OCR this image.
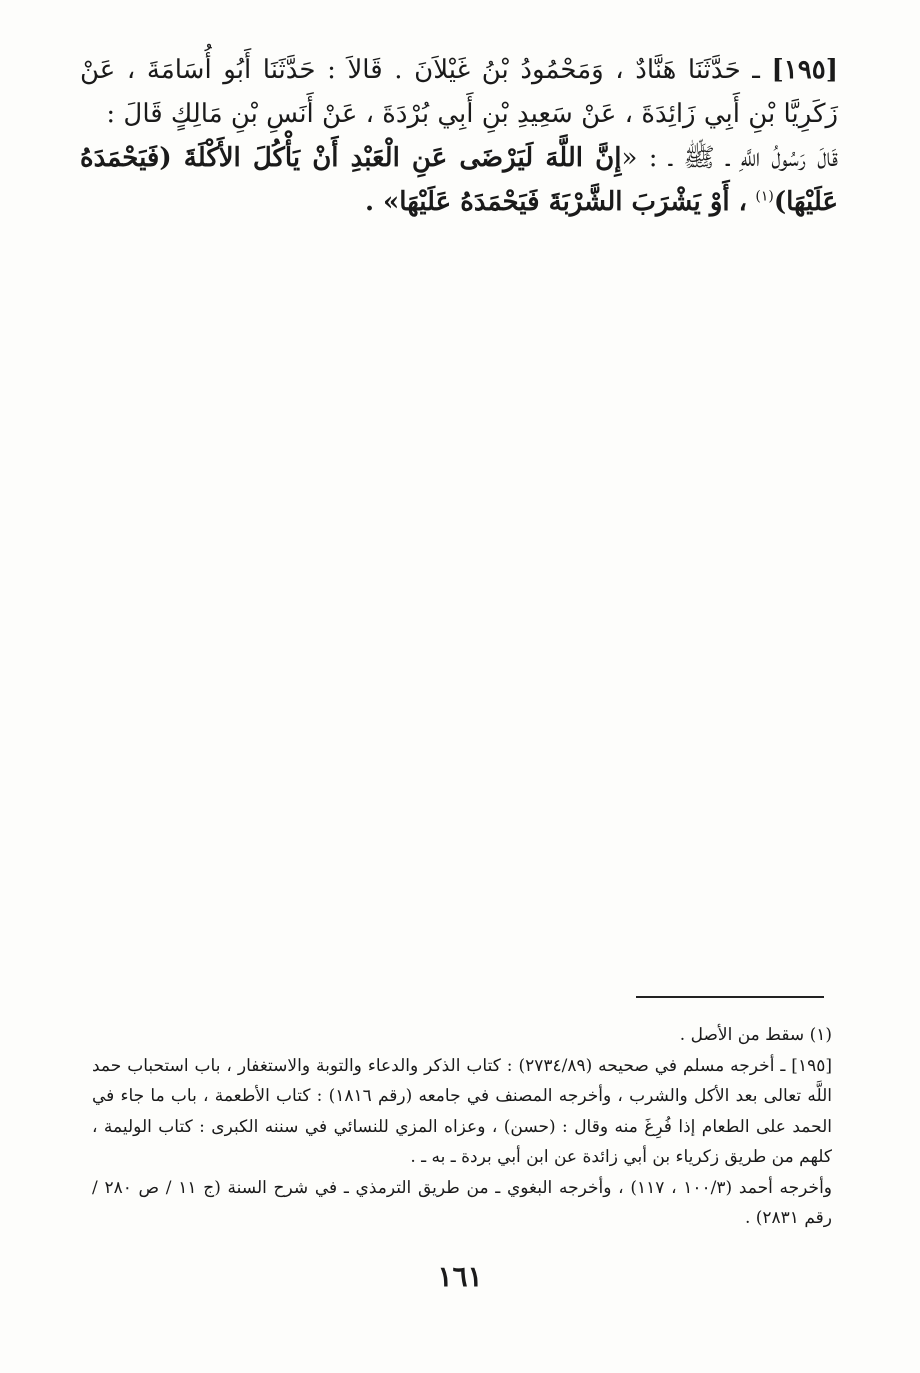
[١٩٥] ـ حَدَّثَنَا هَنَّادٌ ، وَمَحْمُودُ بْنُ غَيْلاَنَ . قَالاَ : حَدَّثَنَا أَبُو أُسَامَةَ ، عَنْ زَكَرِيَّا بْنِ أَبِي زَائِدَةَ ، عَنْ سَعِيدِ بْنِ أَبِي بُرْدَةَ ، عَنْ أَنَسِ بْنِ مَالِكٍ قَالَ :

قَالَ رَسُولُ اللَّهِ ـ ﷺ ـ : «إِنَّ اللَّهَ لَيَرْضَى عَنِ الْعَبْدِ أَنْ يَأْكُلَ الأَكْلَةَ (فَيَحْمَدَهُ عَلَيْهَا)$^{(١)}$ ، أَوْ يَشْرَبَ الشَّرْبَةَ فَيَحْمَدَهُ عَلَيْهَا» .

(١) سقط من الأصل .

[١٩٥] ـ أخرجه مسلم في صحيحه (٢٧٣٤/٨٩) : كتاب الذكر والدعاء والتوبة والاستغفار ، باب استحباب حمد اللَّه تعالى بعد الأكل والشرب ، وأخرجه المصنف في جامعه (رقم ١٨١٦) : كتاب الأطعمة ، باب ما جاء في الحمد على الطعام إذا فُرِغَ منه وقال : (حسن) ، وعزاه المزي للنسائي في سننه الكبرى : كتاب الوليمة ، كلهم من طريق زكرياء بن أبي زائدة عن ابن أبي بردة ـ به ـ .

وأخرجه أحمد (١٠٠/٣ ، ١١٧) ، وأخرجه البغوي ـ من طريق الترمذي ـ في شرح السنة (ج ١١ / ص ٢٨٠ / رقم ٢٨٣١) .

١٦١
